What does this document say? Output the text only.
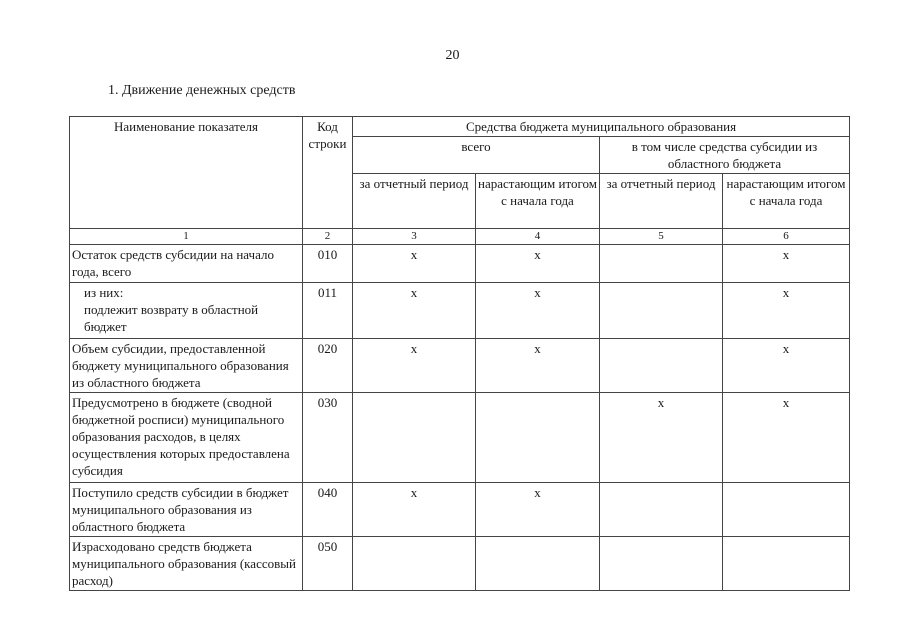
20
1. Движение денежных средств
Наименование показателя	Код строки	Средства бюджета муниципального образования			
		всего		в том числе средства субсидии из областного бюджета	
		за отчетный период	нарастающим итогом с начала года	за отчетный период	нарастающим итогом с начала года
1	2	3	4	5	6
Остаток средств субсидии на начало года, всего	010	x	x		x
из них:
подлежит возврату в областной бюджет	011	x	x		x
Объем субсидии, предоставленной бюджету муниципального образования из областного бюджета	020	x	x		x
Предусмотрено в бюджете (сводной бюджетной росписи) муниципального образования расходов, в целях осуществления которых предоставлена субсидия	030			x	x
Поступило средств субсидии в бюджет муниципального образования из областного бюджета	040	x	x		
Израсходовано средств бюджета муниципального образования (кассовый расход)	050				
